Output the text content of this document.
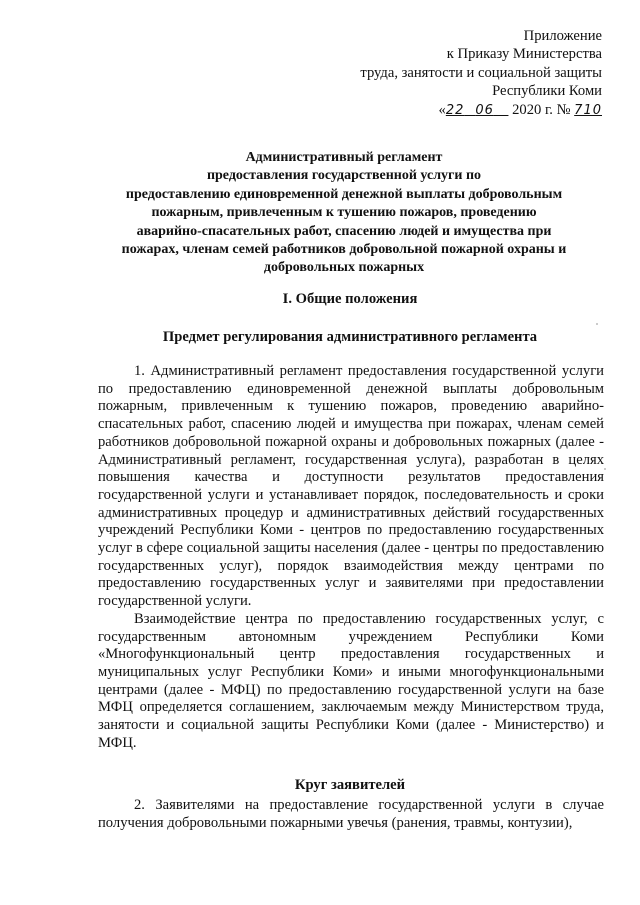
Приложение
к Приказу Министерства
труда, занятости и социальной защиты
Республики Коми
«22 06 2020 г. № 710
Административный регламент
предоставления государственной услуги по
предоставлению единовременной денежной выплаты добровольным
пожарным, привлеченным к тушению пожаров, проведению
аварийно-спасательных работ, спасению людей и имущества при
пожарах, членам семей работников добровольной пожарной охраны и
добровольных пожарных
I. Общие положения
Предмет регулирования административного регламента

1. Административный регламент предоставления государственной услуги по предоставлению единовременной денежной выплаты добровольным пожарным, привлеченным к тушению пожаров, проведению аварийно-спасательных работ, спасению людей и имущества при пожарах, членам семей работников добровольной пожарной охраны и добровольных пожарных (далее - Административный регламент, государственная услуга), разработан в целях повышения качества и доступности результатов предоставления государственной услуги и устанавливает порядок, последовательность и сроки административных процедур и административных действий государственных учреждений Республики Коми - центров по предоставлению государственных услуг в сфере социальной защиты населения (далее - центры по предоставлению государственных услуг), порядок взаимодействия между центрами по предоставлению государственных услуг и заявителями при предоставлении государственной услуги.

Взаимодействие центра по предоставлению государственных услуг, с государственным автономным учреждением Республики Коми «Многофункциональный центр предоставления государственных и муниципальных услуг Республики Коми» и иными многофункциональными центрами (далее - МФЦ) по предоставлению государственной услуги на базе МФЦ определяется соглашением, заключаемым между Министерством труда, занятости и социальной защиты Республики Коми (далее - Министерство) и МФЦ.

Круг заявителей

2. Заявителями на предоставление государственной услуги в случае получения добровольными пожарными увечья (ранения, травмы, контузии),
